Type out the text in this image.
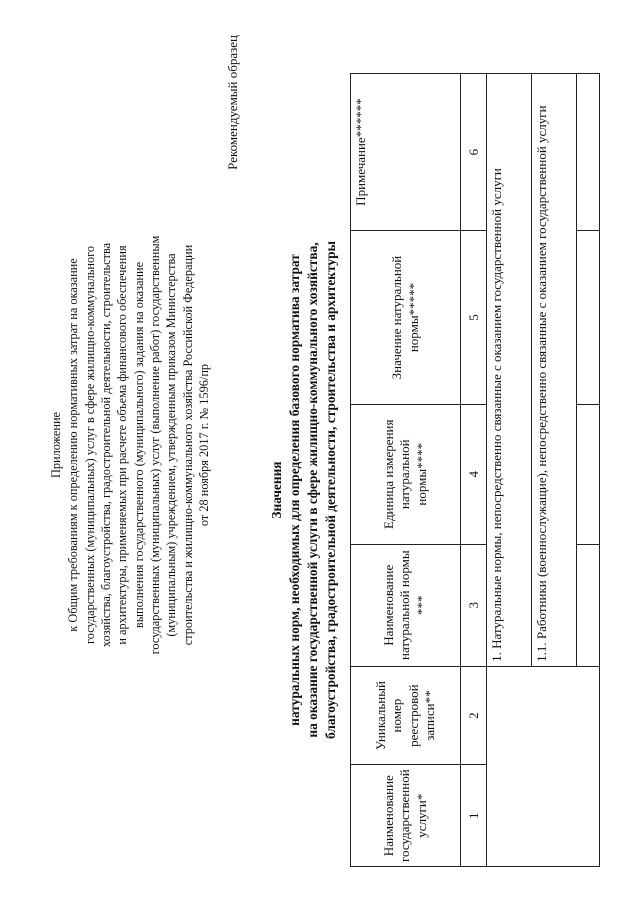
Приложение к Общим требованиям к определению нормативных затрат на оказание государственных (муниципальных) услуг в сфере жилищно-коммунального хозяйства, благоустройства, градостроительной деятельности, строительства и архитектуры, применяемых при расчете объема финансового обеспечения выполнения государственного (муниципального) задания на оказание государственных (муниципальных) услуг (выполнение работ) государственным (муниципальным) учреждением, утвержденным приказом Министерства строительства и жилищно-коммунального хозяйства Российской Федерации от 28 ноября 2017 г. № 1596/пр
Рекомендуемый образец
Значения натуральных норм, необходимых для определения базового норматива затрат на оказание государственной услуги в сфере жилищно-коммунального хозяйства, благоустройства, градостроительной деятельности, строительства и архитектуры
Наименование государственной услуги*	Уникальный номер реестровой записи**	Наименование натуральной нормы ***	Единица измерения натуральной нормы****	Значение натуральной нормы*****	Примечание******
1	2	3	4	5	6
		1. Натуральные нормы, непосредственно связанные с оказанием государственной услуги			
		1.1. Работники (военнослужащие), непосредственно связанные с оказанием государственной услуги			
